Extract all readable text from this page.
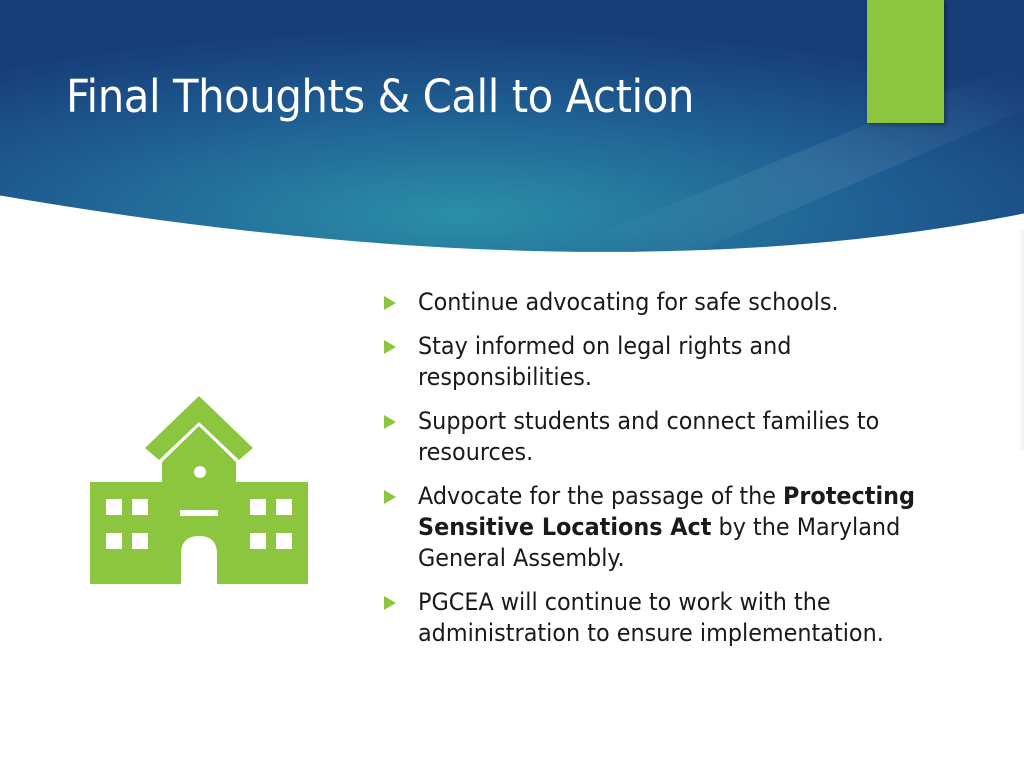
Final Thoughts & Call to Action
Continue advocating for safe schools.
Stay informed on legal rights and responsibilities.
Support students and connect families to resources.
Advocate for the passage of the Protecting Sensitive Locations Act by the Maryland General Assembly.
PGCEA will continue to work with the administration to ensure implementation.
